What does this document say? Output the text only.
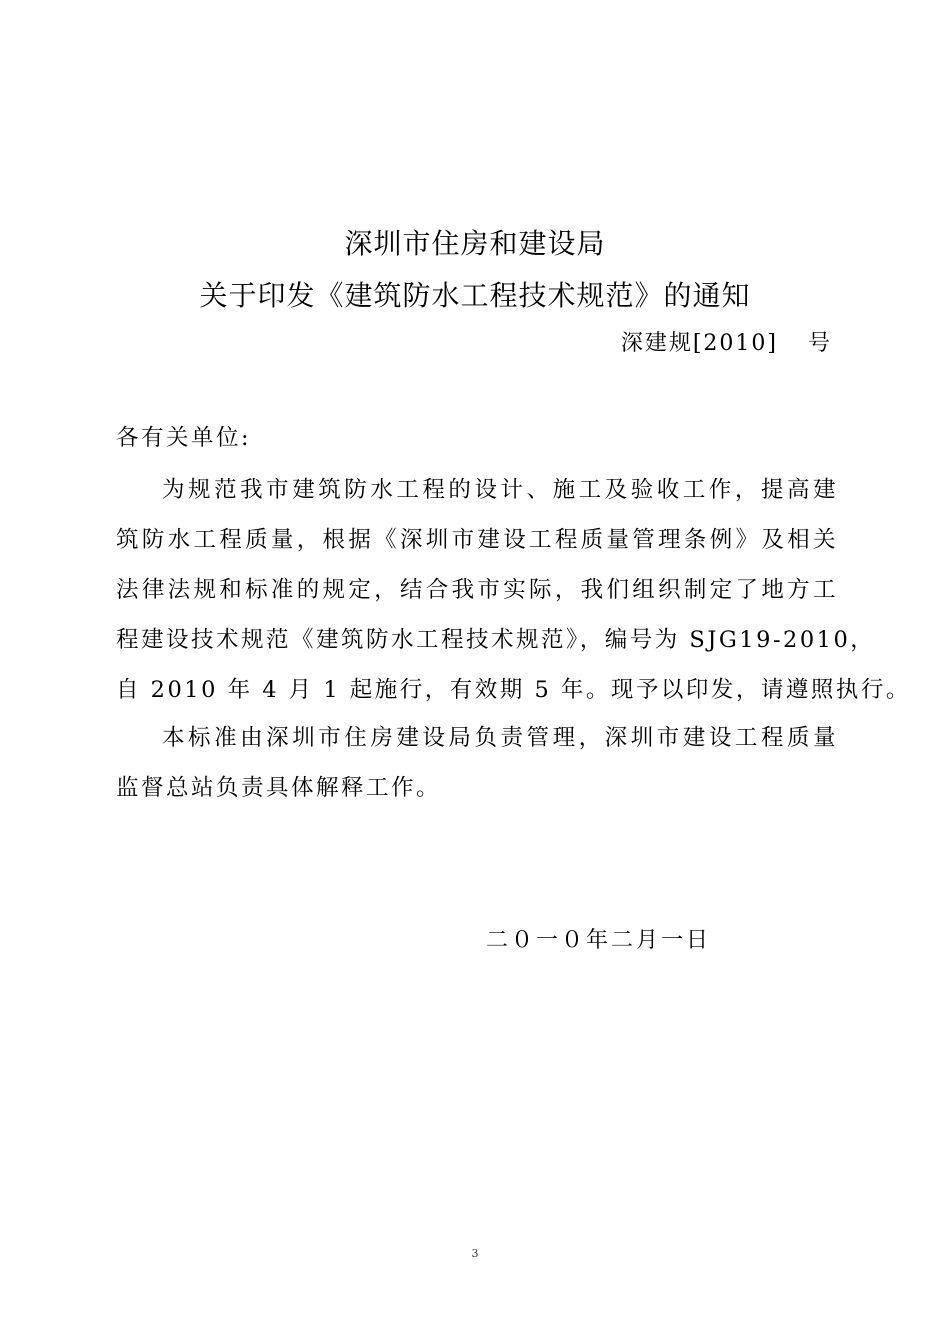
深圳市住房和建设局
关于印发《建筑防水工程技术规范》的通知
深建规[2010] 号
各有关单位:
为规范我市建筑防水工程的设计、施工及验收工作，提高建
筑防水工程质量，根据《深圳市建设工程质量管理条例》及相关
法律法规和标准的规定，结合我市实际，我们组织制定了地方工
程建设技术规范《建筑防水工程技术规范》，编号为 SJG19-2010，
自 2010 年 4 月 1 起施行，有效期 5 年。现予以印发，请遵照执行。
本标准由深圳市住房建设局负责管理，深圳市建设工程质量
监督总站负责具体解释工作。
二０一０年二月一日
3
